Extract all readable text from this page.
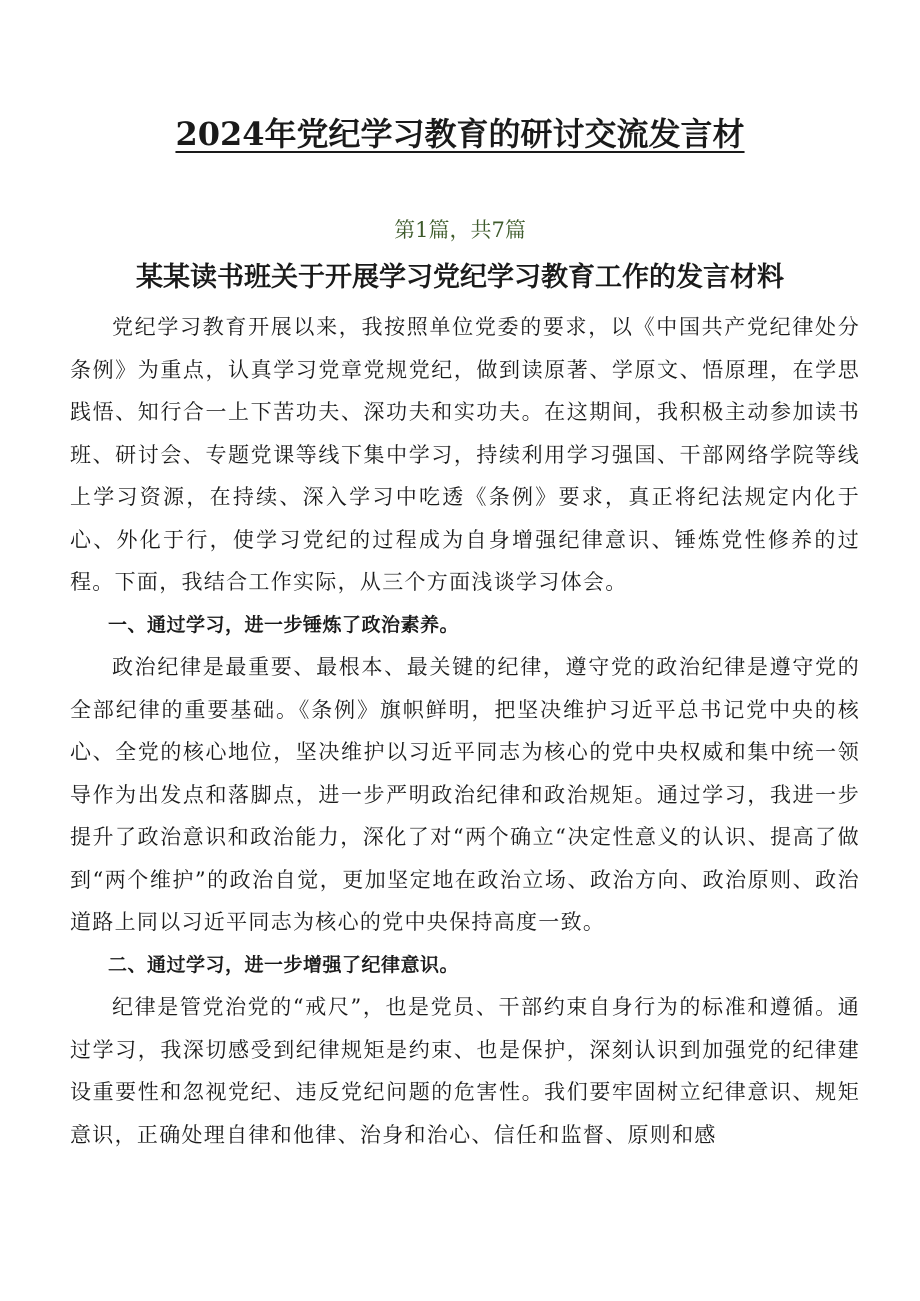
2024年党纪学习教育的研讨交流发言材
第1篇，共7篇
某某读书班关于开展学习党纪学习教育工作的发言材料

党纪学习教育开展以来，我按照单位党委的要求，以《中国共产党纪律处分条例》为重点，认真学习党章党规党纪，做到读原著、学原文、悟原理，在学思践悟、知行合一上下苦功夫、深功夫和实功夫。在这期间，我积极主动参加读书班、研讨会、专题党课等线下集中学习，持续利用学习强国、干部网络学院等线上学习资源，在持续、深入学习中吃透《条例》要求，真正将纪法规定内化于心、外化于行，使学习党纪的过程成为自身增强纪律意识、锤炼党性修养的过程。下面，我结合工作实际，从三个方面浅谈学习体会。

一、通过学习，进一步锤炼了政治素养。

政治纪律是最重要、最根本、最关键的纪律，遵守党的政治纪律是遵守党的全部纪律的重要基础。《条例》旗帜鲜明，把坚决维护习近平总书记党中央的核心、全党的核心地位，坚决维护以习近平同志为核心的党中央权威和集中统一领导作为出发点和落脚点，进一步严明政治纪律和政治规矩。通过学习，我进一步提升了政治意识和政治能力，深化了对“两个确立“决定性意义的认识、提高了做到“两个维护”的政治自觉，更加坚定地在政治立场、政治方向、政治原则、政治道路上同以习近平同志为核心的党中央保持高度一致。

二、通过学习，进一步增强了纪律意识。

纪律是管党治党的“戒尺”，也是党员、干部约束自身行为的标准和遵循。通过学习，我深切感受到纪律规矩是约束、也是保护，深刻认识到加强党的纪律建设重要性和忽视党纪、违反党纪问题的危害性。我们要牢固树立纪律意识、规矩意识，正确处理自律和他律、治身和治心、信任和监督、原则和感
